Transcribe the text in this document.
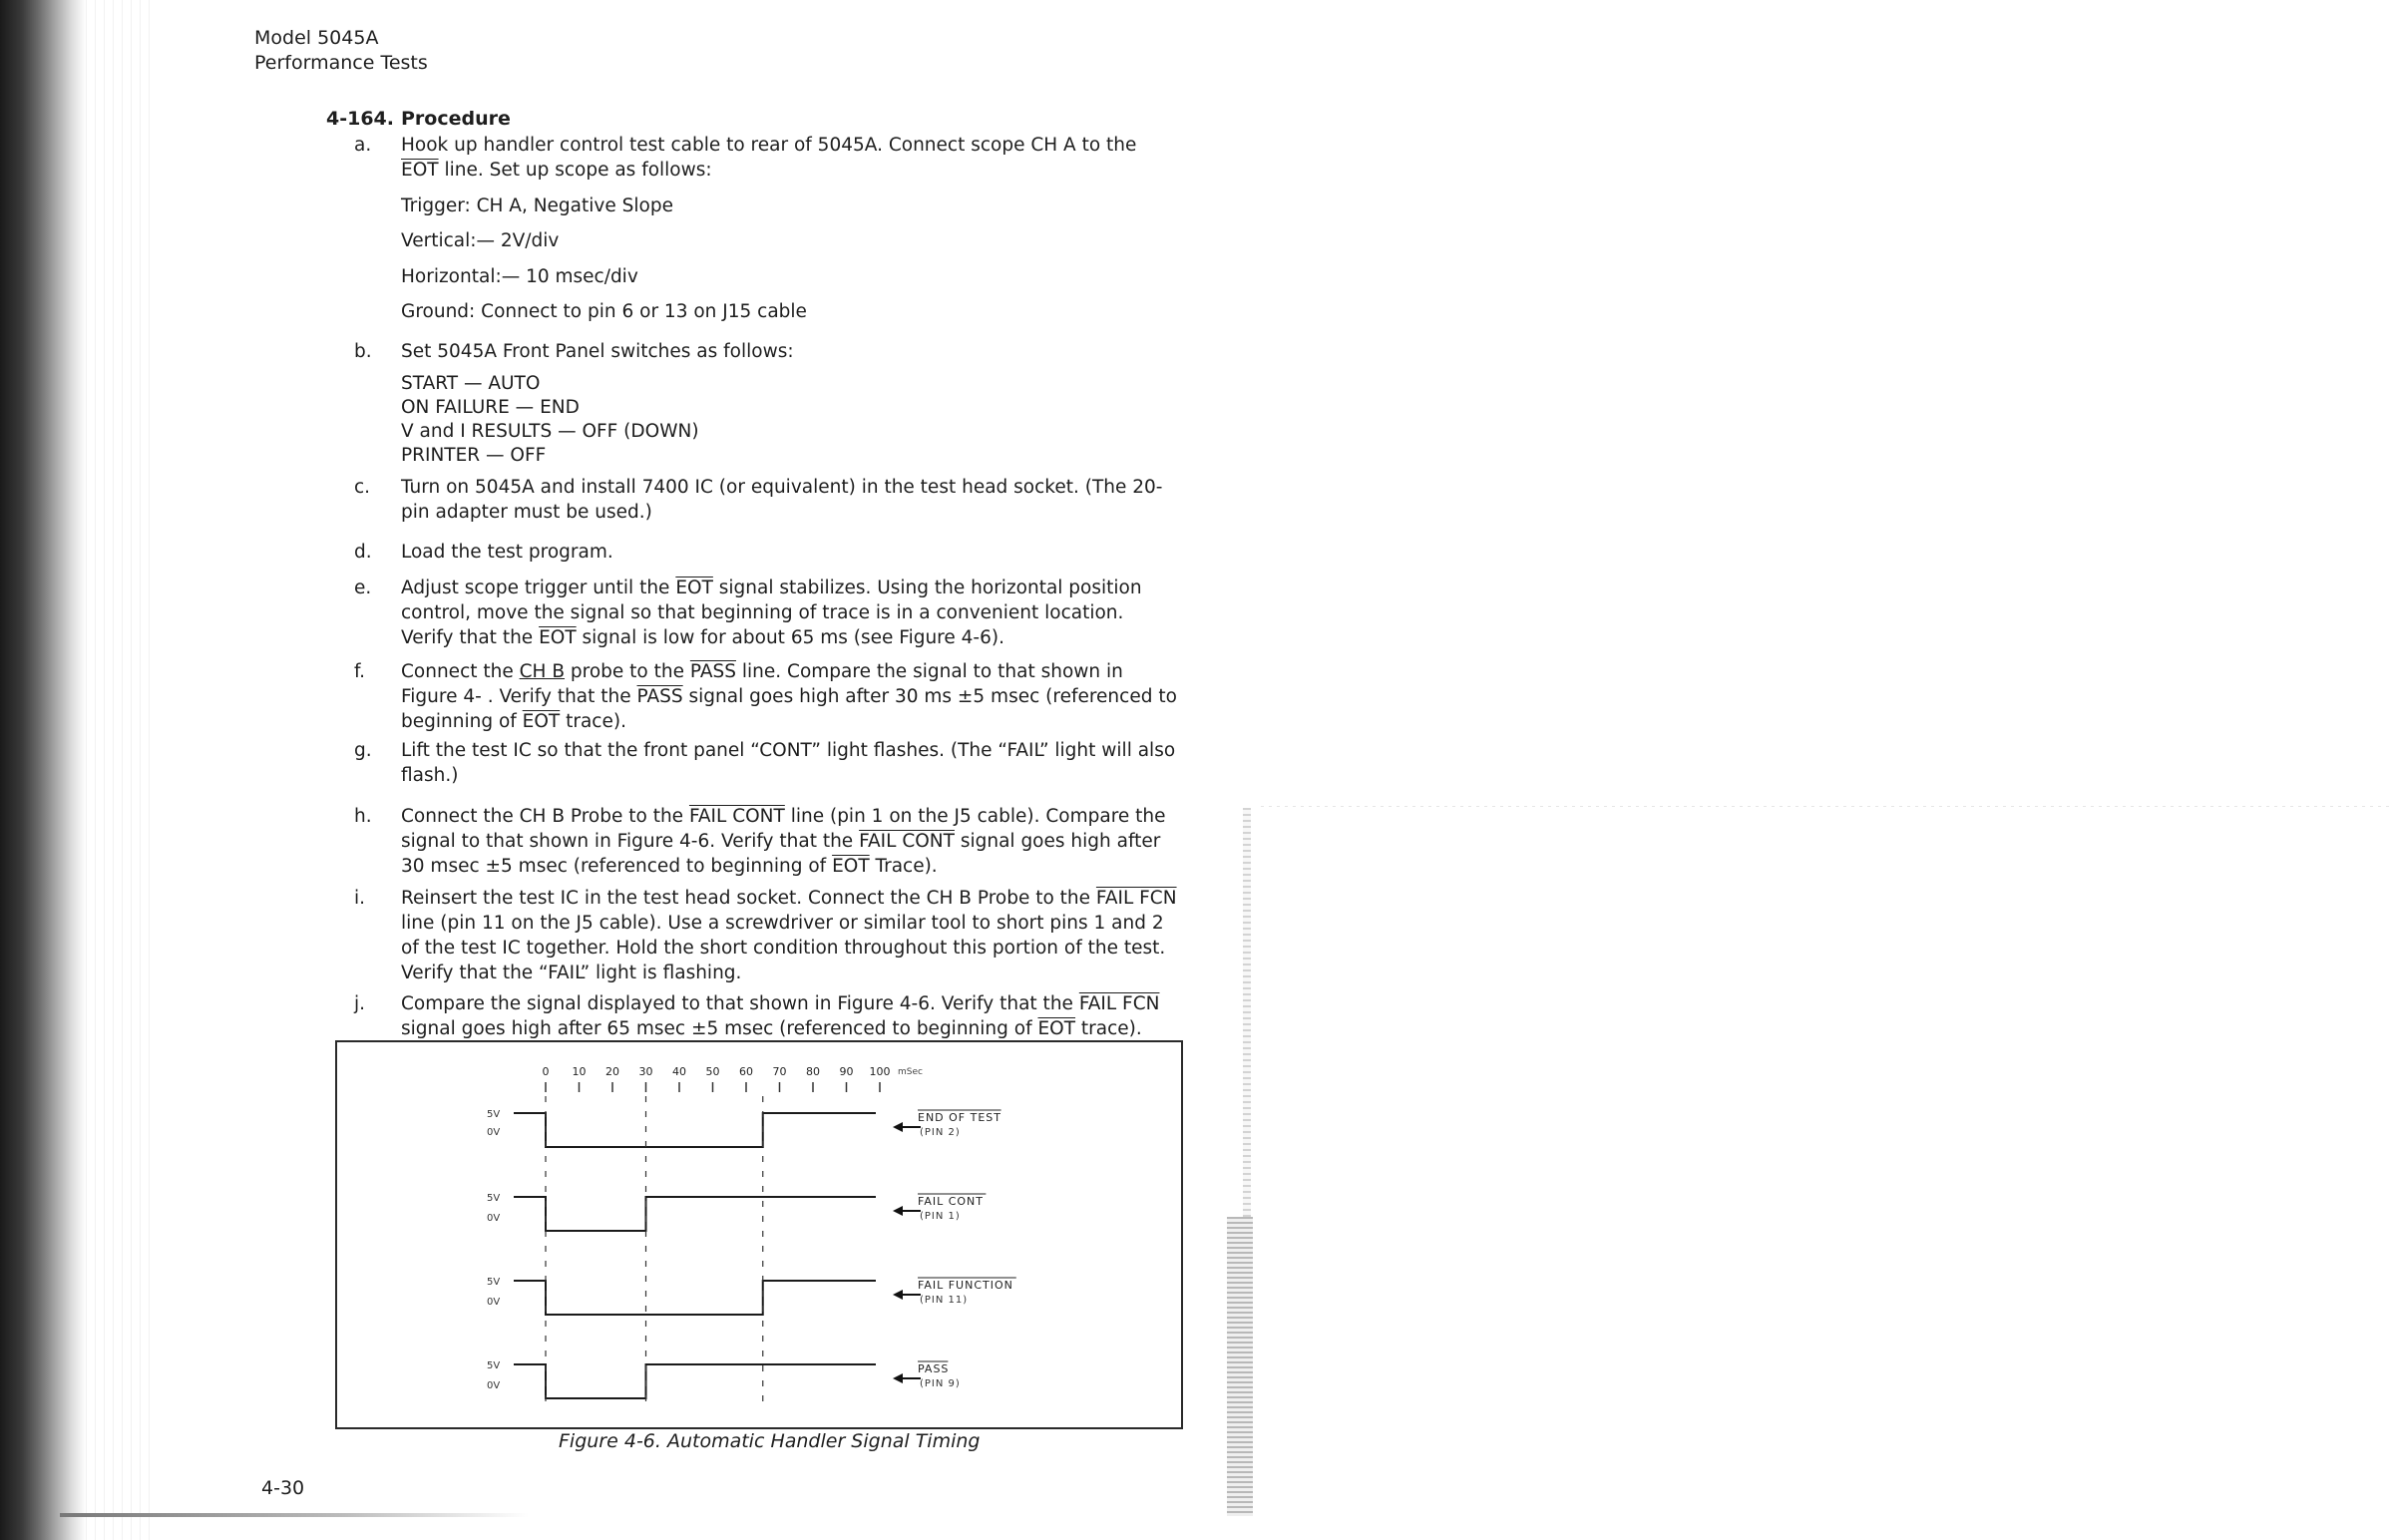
Model 5045A
Performance Tests
4-164. Procedure
a. Hook up handler control test cable to rear of 5045A. Connect scope CH A to the $\overline{EOT}$ line. Set up scope as follows:
Trigger: CH A, Negative Slope
Vertical:— 2V/div
Horizontal:— 10 msec/div
Ground: Connect to pin 6 or 13 on J15 cable
b. Set 5045A Front Panel switches as follows:
START — AUTO
ON FAILURE — END
V and I RESULTS — OFF (DOWN)
PRINTER — OFF
c. Turn on 5045A and install 7400 IC (or equivalent) in the test head socket. (The 20-pin adapter must be used.)
d. Load the test program.
e. Adjust scope trigger until the $\overline{EOT}$ signal stabilizes. Using the horizontal position control, move the signal so that beginning of trace is in a convenient location. Verify that the $\overline{EOT}$ signal is low for about 65 ms (see Figure 4-6).
f. Connect the CH B probe to the PASS line. Compare the signal to that shown in Figure 4- . Verify that the PASS signal goes high after 30 ms ±5 msec (referenced to beginning of $\overline{EOT}$ trace).
g. Lift the test IC so that the front panel “CONT” light flashes. (The “FAIL” light will also flash.)
h. Connect the CH B Probe to the FAIL CONT line (pin 1 on the J5 cable). Compare the signal to that shown in Figure 4-6. Verify that the FAIL CONT signal goes high after 30 msec ±5 msec (referenced to beginning of $\overline{EOT}$ Trace).
i. Reinsert the test IC in the test head socket. Connect the CH B Probe to the FAIL FCN line (pin 11 on the J5 cable). Use a screwdriver or similar tool to short pins 1 and 2 of the test IC together. Hold the short condition throughout this portion of the test. Verify that the “FAIL” light is flashing.
j. Compare the signal displayed to that shown in Figure 4-6. Verify that the FAIL FCN signal goes high after 65 msec ±5 msec (referenced to beginning of $\overline{EOT}$ trace).
0 10 20 30 40 50 60 70 80 90 100 mSec
5V
0V
END OF TEST
(PIN 2)
5V
0V
FAIL CONT
(PIN 1)
5V
0V
FAIL FUNCTION
(PIN 11)
5V
0V
PASS
(PIN 9)
Figure 4-6. Automatic Handler Signal Timing
4-30
